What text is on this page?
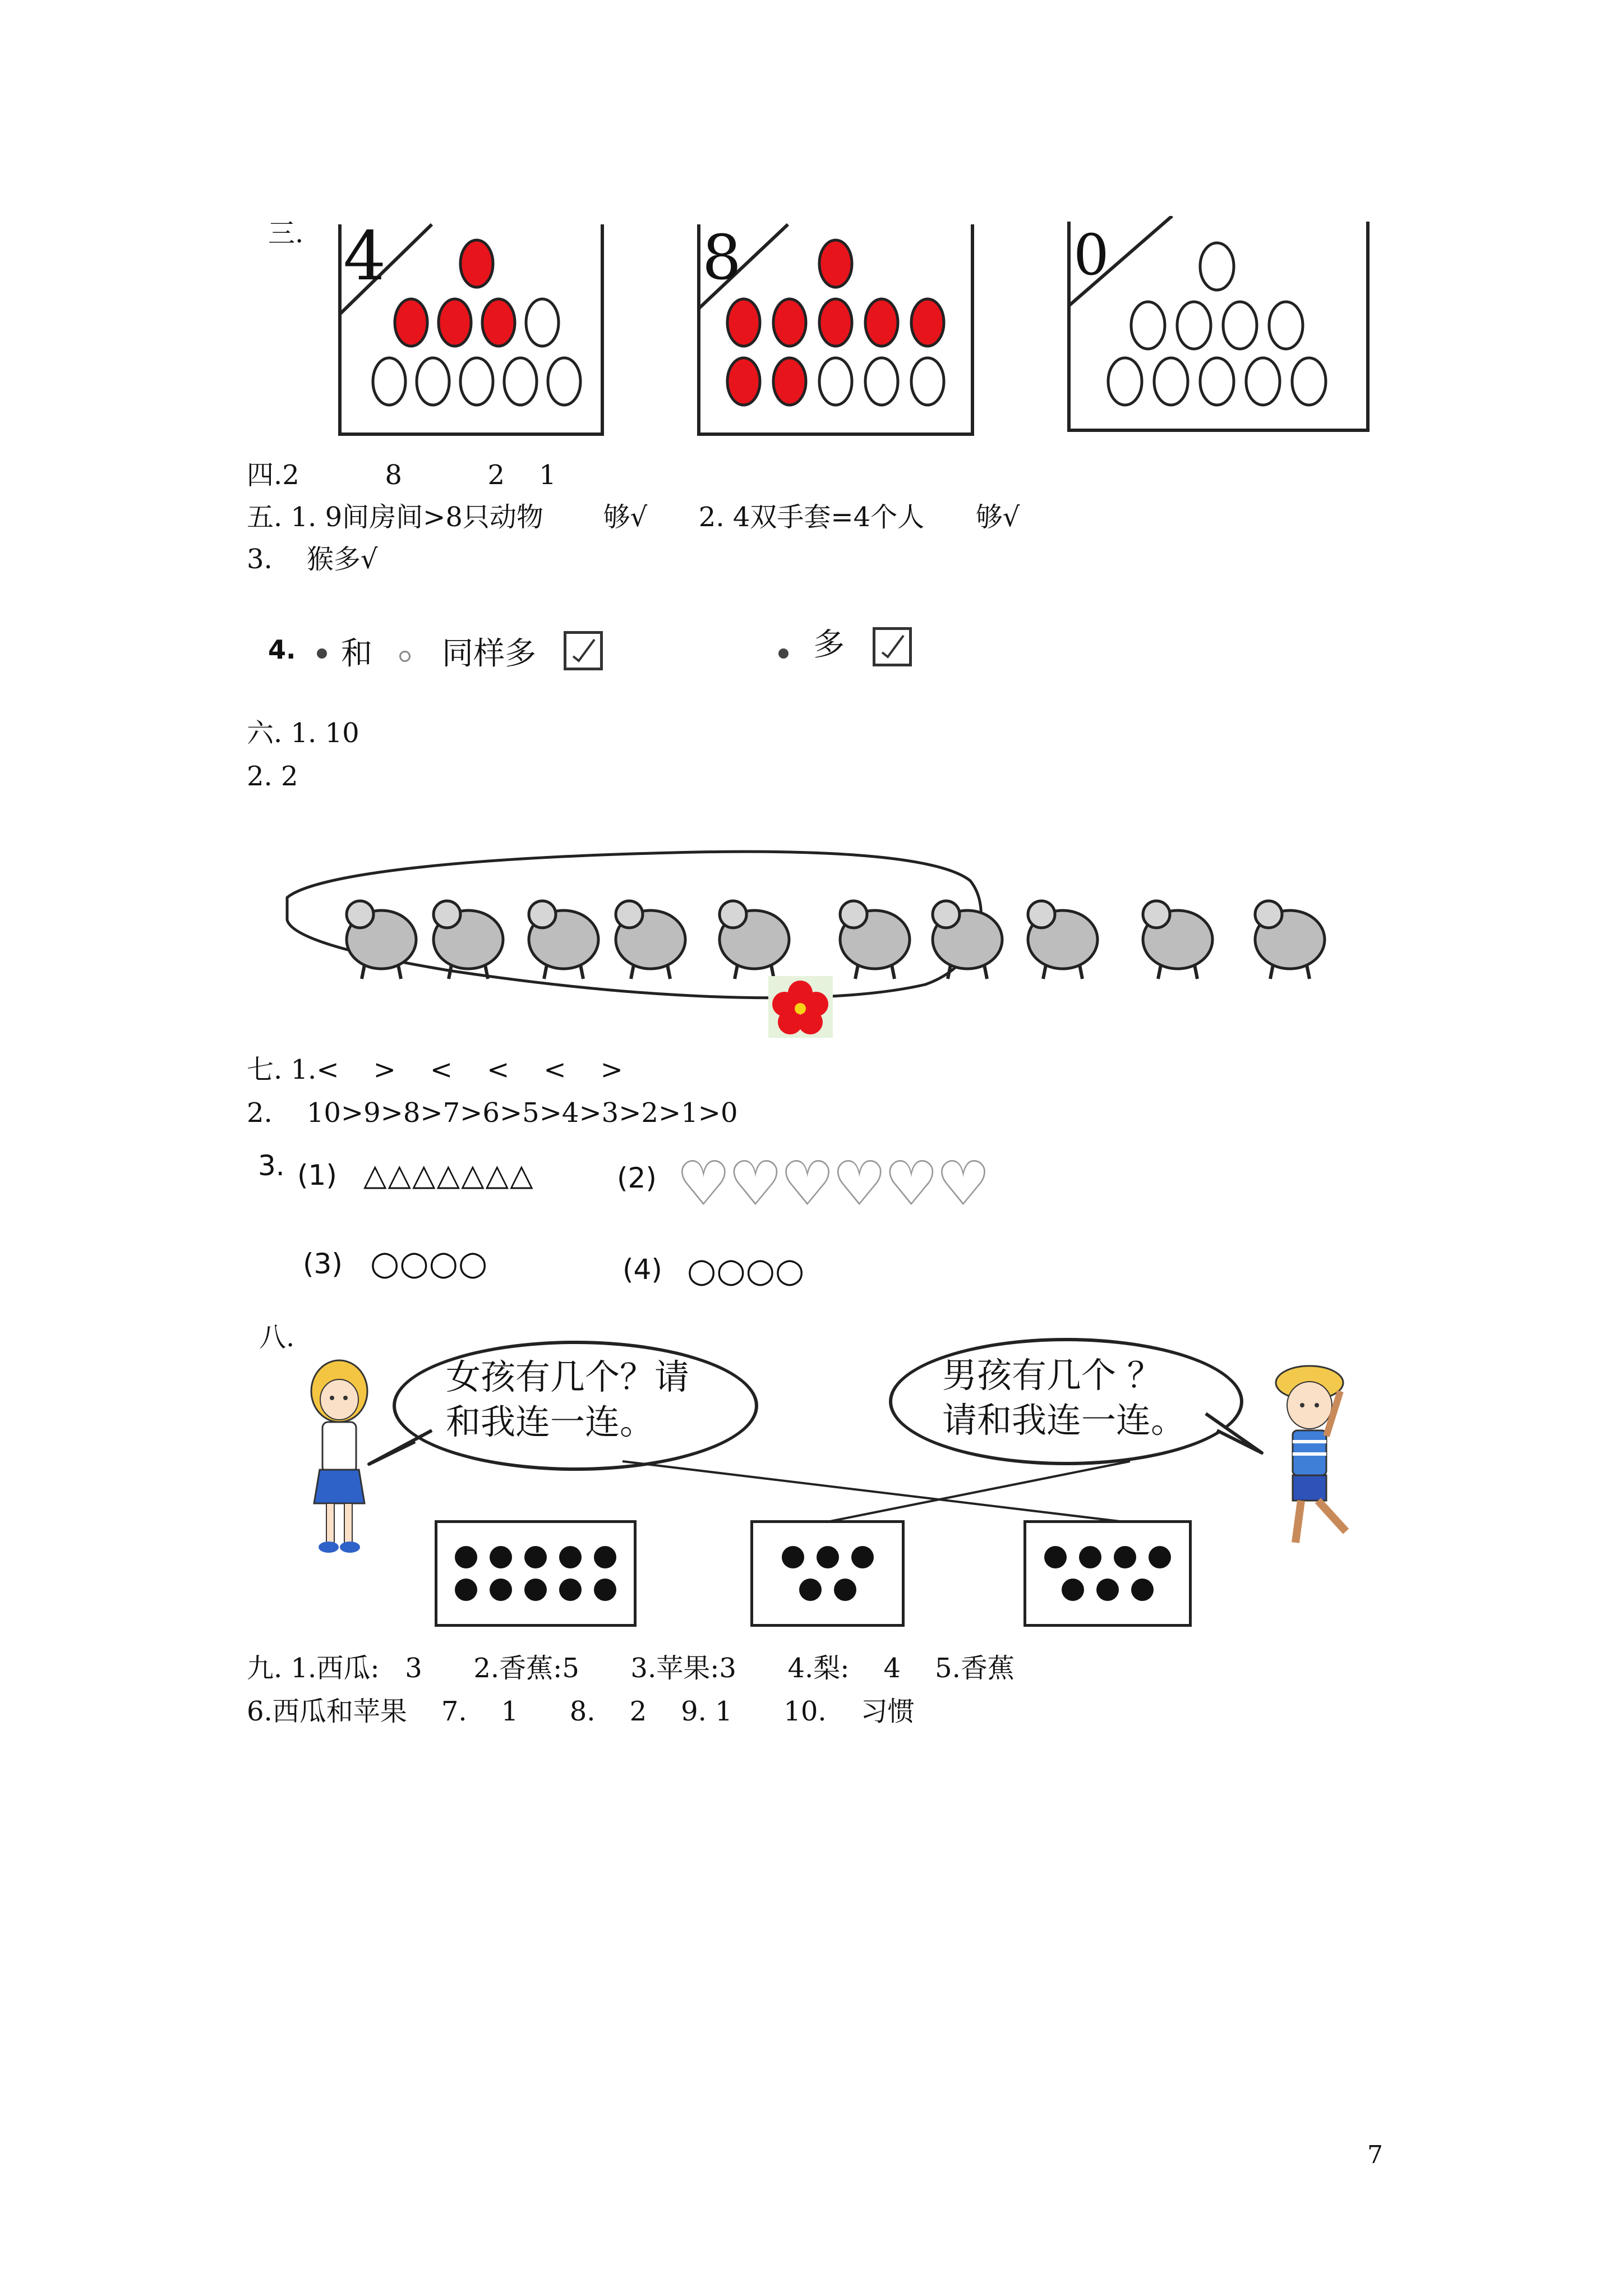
三. 4	8	0
四.2          8          2    1
五. 1. 9间房间>8只动物       够√      2. 4双手套=4个人      够√
3.    猴多√
4. 和 同样多	多
六. 1. 10
2. 2
七. 1.<    >    <    <    <    >
2.    10>9>8>7>6>5>4>3>2>1>0
3. (1) △△△△△△△	(2) ♡♡♡♡♡♡
(3) ○○○○	(4) ○○○○
八.
女孩有几个？请
和我连一连。
男孩有几个 ？
请和我连一连。
九. 1.西瓜:   3      2.香蕉:5      3.苹果:3      4.梨:    4    5.香蕉
6.西瓜和苹果    7.    1      8.    2    9. 1      10.    习惯
7
